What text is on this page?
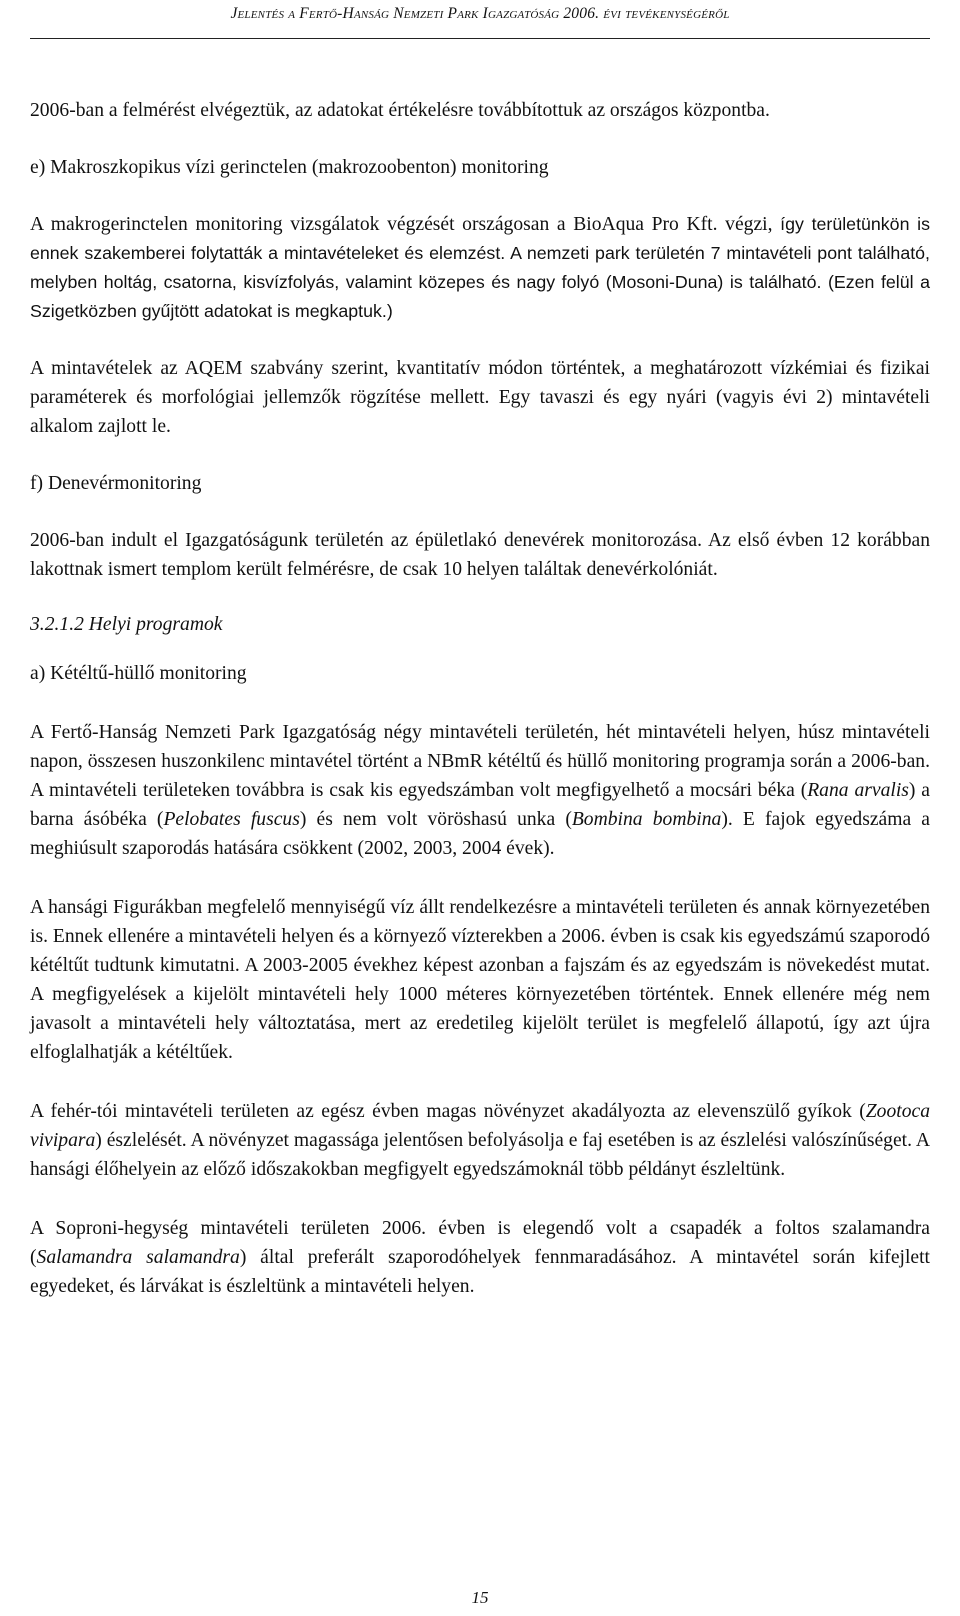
Jelentés a Fertő-Hanság Nemzeti Park Igazgatóság 2006. évi tevékenységéről

2006-ban a felmérést elvégeztük, az adatokat értékelésre továbbítottuk az országos központba.

e) Makroszkopikus vízi gerinctelen (makrozoobenton) monitoring

A makrogerinctelen monitoring vizsgálatok végzését országosan a BioAqua Pro Kft. végzi, így területünkön is ennek szakemberei folytatták a mintavételeket és elemzést. A nemzeti park területén 7 mintavételi pont található, melyben holtág, csatorna, kisvízfolyás, valamint közepes és nagy folyó (Mosoni-Duna) is található. (Ezen felül a Szigetközben gyűjtött adatokat is megkaptuk.)

A mintavételek az AQEM szabvány szerint, kvantitatív módon történtek, a meghatározott vízkémiai és fizikai paraméterek és morfológiai jellemzők rögzítése mellett. Egy tavaszi és egy nyári (vagyis évi 2) mintavételi alkalom zajlott le.

f) Denevérmonitoring

2006-ban indult el Igazgatóságunk területén az épületlakó denevérek monitorozása. Az első évben 12 korábban lakottnak ismert templom került felmérésre, de csak 10 helyen találtak denevérkolóniát.

3.2.1.2 Helyi programok

a) Kétéltű-hüllő monitoring

A Fertő-Hanság Nemzeti Park Igazgatóság négy mintavételi területén, hét mintavételi helyen, húsz mintavételi napon, összesen huszonkilenc mintavétel történt a NBmR kétéltű és hüllő monitoring programja során a 2006-ban. A mintavételi területeken továbbra is csak kis egyedszámban volt megfigyelhető a mocsári béka (Rana arvalis) a barna ásóbéka (Pelobates fuscus) és nem volt vöröshasú unka (Bombina bombina). E fajok egyedszáma a meghiúsult szaporodás hatására csökkent (2002, 2003, 2004 évek).

A hansági Figurákban megfelelő mennyiségű víz állt rendelkezésre a mintavételi területen és annak környezetében is. Ennek ellenére a mintavételi helyen és a környező vízterekben a 2006. évben is csak kis egyedszámú szaporodó kétéltűt tudtunk kimutatni. A 2003-2005 évekhez képest azonban a fajszám és az egyedszám is növekedést mutat. A megfigyelések a kijelölt mintavételi hely 1000 méteres környezetében történtek. Ennek ellenére még nem javasolt a mintavételi hely változtatása, mert az eredetileg kijelölt terület is megfelelő állapotú, így azt újra elfoglalhatják a kétéltűek.

A fehér-tói mintavételi területen az egész évben magas növényzet akadályozta az elevenszülő gyíkok (Zootoca vivipara) észlelését. A növényzet magassága jelentősen befolyásolja e faj esetében is az észlelési valószínűséget. A hansági élőhelyein az előző időszakokban megfigyelt egyedszámoknál több példányt észleltünk.

A Soproni-hegység mintavételi területen 2006. évben is elegendő volt a csapadék a foltos szalamandra (Salamandra salamandra) által preferált szaporodóhelyek fennmaradásához. A mintavétel során kifejlett egyedeket, és lárvákat is észleltünk a mintavételi helyen.

15
